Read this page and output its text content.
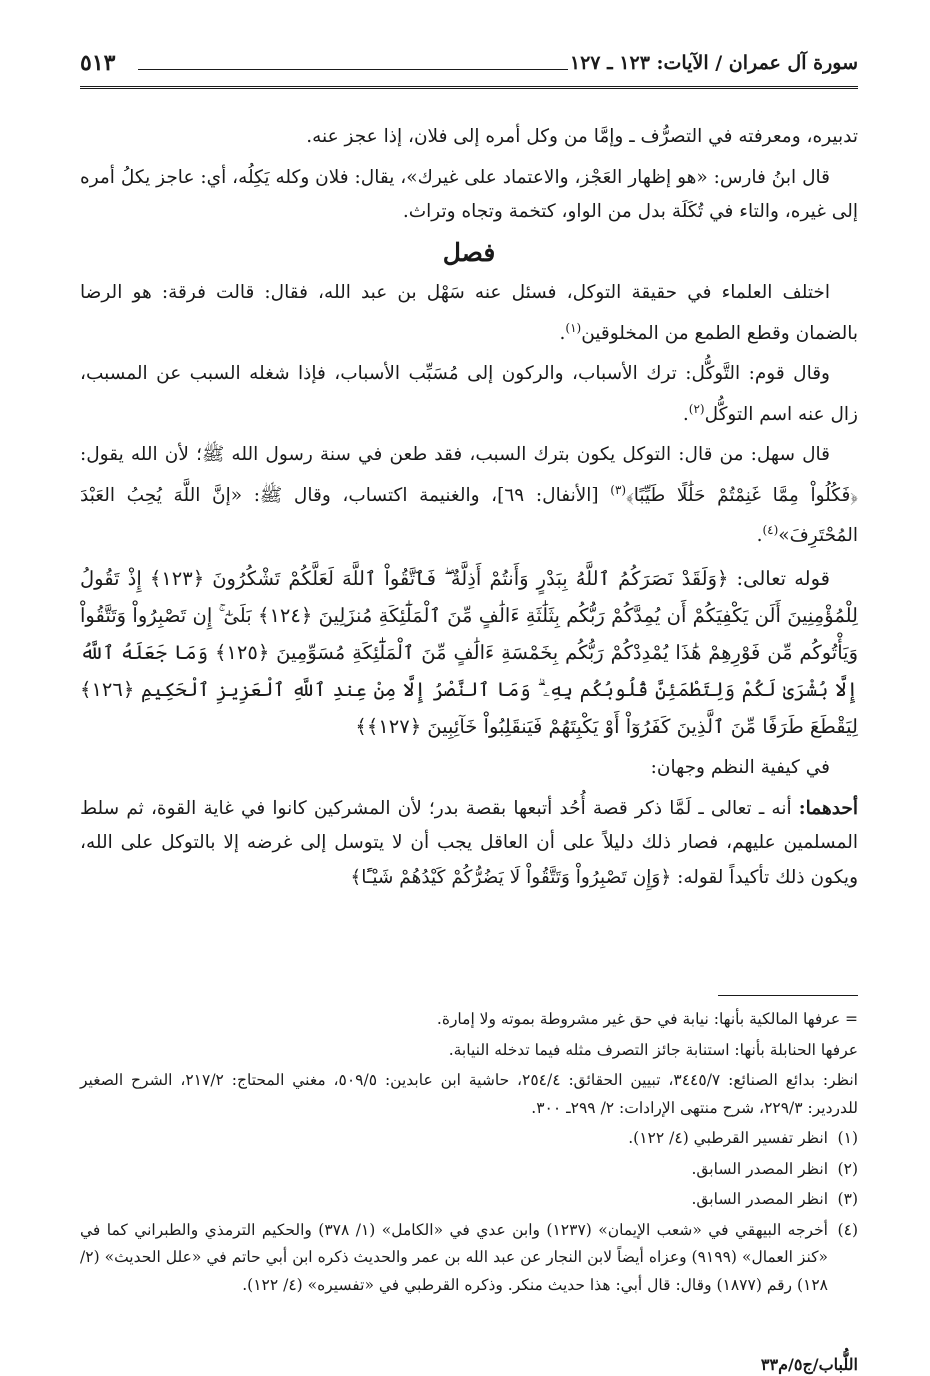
سورة آل عمران / الآيات: ١٢٣ ـ ١٢٧
٥١٣

تدبيره، ومعرفته في التصرُّف ـ وإمَّا من وكل أمره إلى فلان، إذا عجز عنه.

قال ابنُ فارس: «هو إظهار العَجْز، والاعتماد على غيرك»، يقال: فلان وكله يَكِلُه، أي: عاجز يكلُ أمره إلى غيره، والتاء في تُكَلَة بدل من الواو، كتخمة وتجاه وتراث.

فصل

اختلف العلماء في حقيقة التوكل، فسئل عنه سَهْل بن عبد الله، فقال: قالت فرقة: هو الرضا بالضمان وقطع الطمع من المخلوقين$^{(١)}$.

وقال قوم: التَّوكُّل: ترك الأسباب، والركون إلى مُسَبِّب الأسباب، فإذا شغله السبب عن المسبب، زال عنه اسم التوكُّل$^{(٢)}$.

قال سهل: من قال: التوكل يكون بترك السبب، فقد طعن في سنة رسول الله ﷺ؛ لأن الله يقول: ﴿فَكُلُواْ مِمَّا غَنِمْتُمْ حَلَٰلًا طَيِّبًا﴾$^{(٣)}$ [الأنفال: ٦٩]، والغنيمة اكتساب، وقال ﷺ: «إنَّ اللَّهَ يُحِبُ العَبْدَ المُحْتَرِفَ»$^{(٤)}$.

قوله تعالى: ﴿وَلَقَدْ نَصَرَكُمُ ٱللَّهُ بِبَدْرٍ وَأَنتُمْ أَذِلَّةٌ ۖ فَٱتَّقُواْ ٱللَّهَ لَعَلَّكُمْ تَشْكُرُونَ ﴿١٢٣﴾ إِذْ تَقُولُ لِلْمُؤْمِنِينَ أَلَن يَكْفِيَكُمْ أَن يُمِدَّكُمْ رَبُّكُم بِثَلَٰثَةِ ءَالَٰفٍ مِّنَ ٱلْمَلَٰٓئِكَةِ مُنزَلِينَ ﴿١٢٤﴾ بَلَىٰٓ ۚ إِن تَصْبِرُواْ وَتَتَّقُواْ وَيَأْتُوكُم مِّن فَوْرِهِمْ هَٰذَا يُمْدِدْكُمْ رَبُّكُم بِخَمْسَةِ ءَالَٰفٍ مِّنَ ٱلْمَلَٰٓئِكَةِ مُسَوِّمِينَ ﴿١٢٥﴾ وَمَا جَعَلَهُ ٱللَّهُ إِلَّا بُشْرَىٰ لَكُمْ وَلِتَطْمَئِنَّ قُلُوبُكُم بِهِۦ ۗ وَمَا ٱلنَّصْرُ إِلَّا مِنْ عِندِ ٱللَّهِ ٱلْعَزِيزِ ٱلْحَكِيمِ ﴿١٢٦﴾ لِيَقْطَعَ طَرَفًا مِّنَ ٱلَّذِينَ كَفَرُوٓاْ أَوْ يَكْبِتَهُمْ فَيَنقَلِبُواْ خَآئِبِينَ ﴿١٢٧﴾﴾

في كيفية النظم وجهان:

أحدهما: أنه ـ تعالى ـ لَمَّا ذكر قصة أُحُد أتبعها بقصة بدر؛ لأن المشركين كانوا في غاية القوة، ثم سلط المسلمين عليهم، فصار ذلك دليلاً على أن العاقل يجب أن لا يتوسل إلى غرضه إلا بالتوكل على الله، ويكون ذلك تأكيداً لقوله: ﴿وَإِن تَصْبِرُواْ وَتَتَّقُواْ لَا يَضُرُّكُمْ كَيْدُهُمْ شَيْـًٔا﴾

= عرفها المالكية بأنها: نيابة في حق غير مشروطة بموته ولا إمارة.

عرفها الحنابلة بأنها: استنابة جائز التصرف مثله فيما تدخله النيابة.

انظر: بدائع الصنائع: ٣٤٤٥/٧، تبيين الحقائق: ٢٥٤/٤، حاشية ابن عابدين: ٥٠٩/٥، مغني المحتاج: ٢١٧/٢، الشرح الصغير للدردير: ٢٢٩/٣، شرح منتهى الإرادات: ٢/ ٢٩٩ـ ٣٠٠.

(١)
انظر تفسير القرطبي (٤/ ١٢٢).

(٢)
انظر المصدر السابق.

(٣)
انظر المصدر السابق.

(٤)
أخرجه البيهقي في «شعب الإيمان» (١٢٣٧) وابن عدي في «الكامل» (١/ ٣٧٨) والحكيم الترمذي والطبراني كما في «كنز العمال» (٩١٩٩) وعزاه أيضاً لابن النجار عن عبد الله بن عمر والحديث ذكره ابن أبي حاتم في «علل الحديث» (٢/ ١٢٨) رقم (١٨٧٧) وقال: قال أبي: هذا حديث منكر. وذكره القرطبي في «تفسيره» (٤/ ١٢٢).

اللُّباب/ج٥/م٣٣
